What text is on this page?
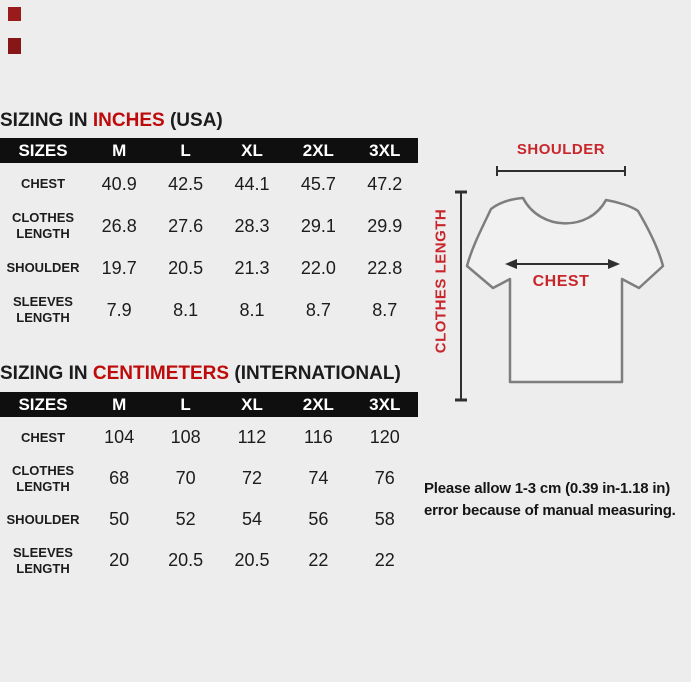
SIZING IN INCHES (USA)
SIZES	M	L	XL	2XL	3XL
CHEST	40.9	42.5	44.1	45.7	47.2
CLOTHES LENGTH	26.8	27.6	28.3	29.1	29.9
SHOULDER	19.7	20.5	21.3	22.0	22.8
SLEEVES LENGTH	7.9	8.1	8.1	8.7	8.7
SIZING IN CENTIMETERS (INTERNATIONAL)
SIZES	M	L	XL	2XL	3XL
CHEST	104	108	112	116	120
CLOTHES LENGTH	68	70	72	74	76
SHOULDER	50	52	54	56	58
SLEEVES LENGTH	20	20.5	20.5	22	22
SHOULDER
CHEST
CLOTHES LENGTH
Please allow 1-3 cm (0.39 in-1.18 in)
error because of manual measuring.
